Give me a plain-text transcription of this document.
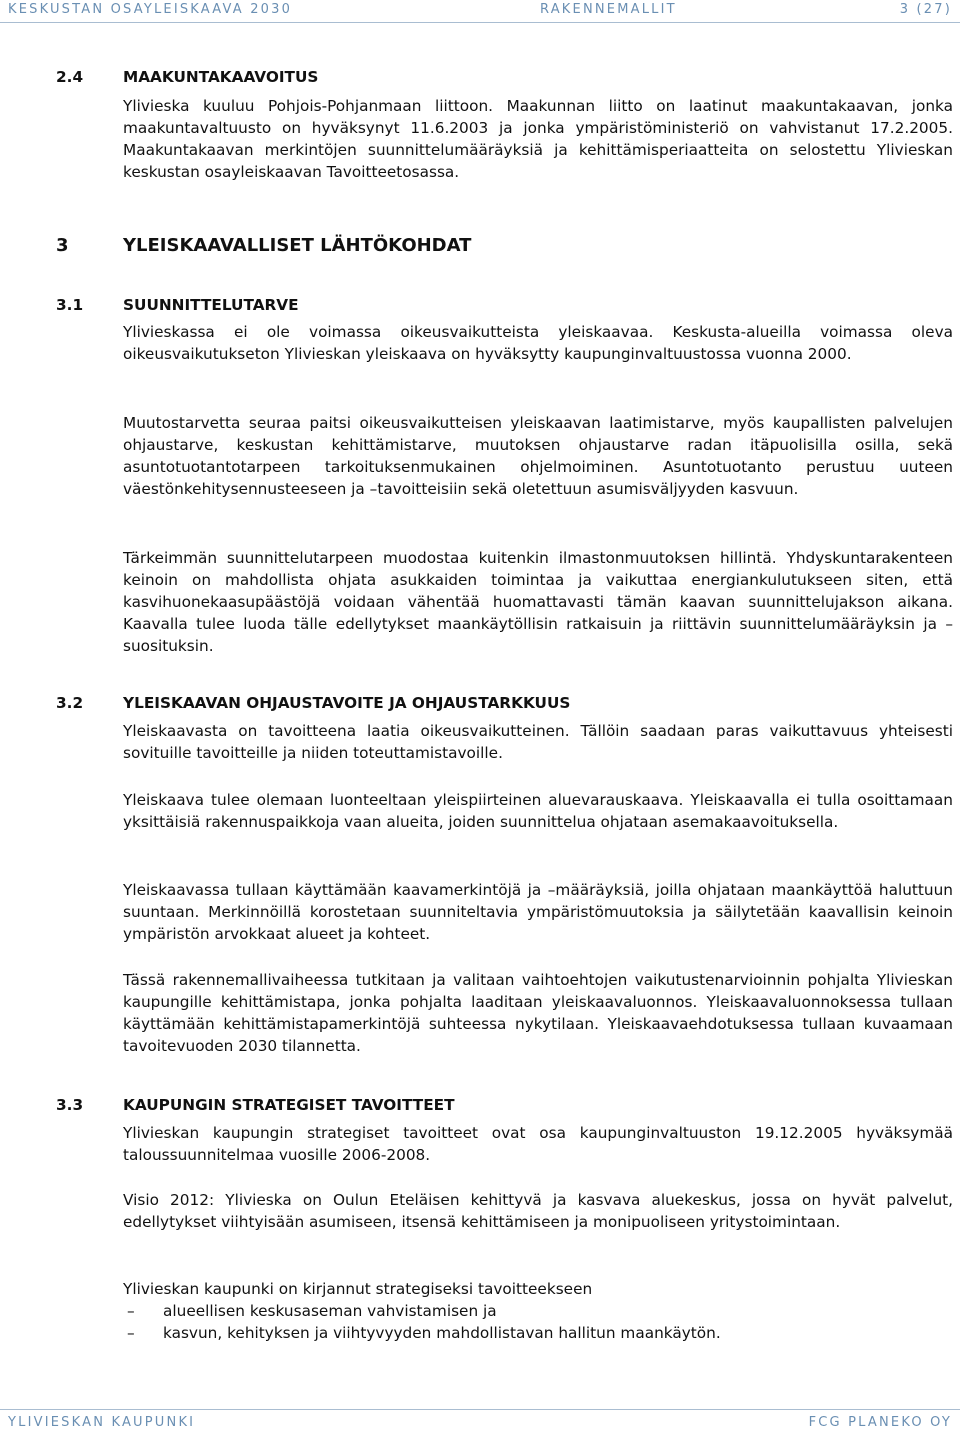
KESKUSTAN OSAYLEISKAAVA 2030	RAKENNEMALLIT	3 (27)
2.4	MAAKUNTAKAAVOITUS

Ylivieska kuuluu Pohjois-Pohjanmaan liittoon. Maakunnan liitto on laatinut maakuntakaavan, jonka maakuntavaltuusto on hyväksynyt 11.6.2003 ja jonka ympäristöministeriö on vahvistanut 17.2.2005. Maakuntakaavan merkintöjen suunnittelumääräyksiä ja kehittämisperiaatteita on selostettu Ylivieskan keskustan osayleiskaavan Tavoitteetosassa.

3	YLEISKAAVALLISET LÄHTÖKOHDAT
3.1	SUUNNITTELUTARVE

Ylivieskassa ei ole voimassa oikeusvaikutteista yleiskaavaa. Keskusta-alueilla voimassa oleva oikeusvaikutukseton Ylivieskan yleiskaava on hyväksytty kaupunginvaltuustossa vuonna 2000.

Muutostarvetta seuraa paitsi oikeusvaikutteisen yleiskaavan laatimistarve, myös kaupallisten palvelujen ohjaustarve, keskustan kehittämistarve, muutoksen ohjaustarve radan itäpuolisilla osilla, sekä asuntotuotantotarpeen tarkoituksenmukainen ohjelmoiminen. Asuntotuotanto perustuu uuteen väestönkehitysennusteeseen ja –tavoitteisiin sekä oletettuun asumisväljyyden kasvuun.

Tärkeimmän suunnittelutarpeen muodostaa kuitenkin ilmastonmuutoksen hillintä. Yhdyskuntarakenteen keinoin on mahdollista ohjata asukkaiden toimintaa ja vaikuttaa energiankulutukseen siten, että kasvihuonekaasupäästöjä voidaan vähentää huomattavasti tämän kaavan suunnittelujakson aikana. Kaavalla tulee luoda tälle edellytykset maankäytöllisin ratkaisuin ja riittävin suunnittelumääräyksin ja –suosituksin.

3.2	YLEISKAAVAN OHJAUSTAVOITE JA OHJAUSTARKKUUS

Yleiskaavasta on tavoitteena laatia oikeusvaikutteinen. Tällöin saadaan paras vaikuttavuus yhteisesti sovituille tavoitteille ja niiden toteuttamistavoille.

Yleiskaava tulee olemaan luonteeltaan yleispiirteinen aluevarauskaava. Yleiskaavalla ei tulla osoittamaan yksittäisiä rakennuspaikkoja vaan alueita, joiden suunnittelua ohjataan asemakaavoituksella.

Yleiskaavassa tullaan käyttämään kaavamerkintöjä ja –määräyksiä, joilla ohjataan maankäyttöä haluttuun suuntaan. Merkinnöillä korostetaan suunniteltavia ympäristömuutoksia ja säilytetään kaavallisin keinoin ympäristön arvokkaat alueet ja kohteet.

Tässä rakennemallivaiheessa tutkitaan ja valitaan vaihtoehtojen vaikutustenarvioinnin pohjalta Ylivieskan kaupungille kehittämistapa, jonka pohjalta laaditaan yleiskaavaluonnos. Yleiskaavaluonnoksessa tullaan käyttämään kehittämistapamerkintöjä suhteessa nykytilaan. Yleiskaavaehdotuksessa tullaan kuvaamaan tavoitevuoden 2030 tilannetta.

3.3	KAUPUNGIN STRATEGISET TAVOITTEET

Ylivieskan kaupungin strategiset tavoitteet ovat osa kaupunginvaltuuston 19.12.2005 hyväksymää taloussuunnitelmaa vuosille 2006-2008.

Visio 2012: Ylivieska on Oulun Eteläisen kehittyvä ja kasvava aluekeskus, jossa on hyvät palvelut, edellytykset viihtyisään asumiseen, itsensä kehittämiseen ja monipuoliseen yritystoimintaan.

Ylivieskan kaupunki on kirjannut strategiseksi tavoitteekseen

– alueellisen keskusaseman vahvistamisen ja
– kasvun, kehityksen ja viihtyvyyden mahdollistavan hallitun maankäytön.
YLIVIESKAN KAUPUNKI	FCG PLANEKO OY
